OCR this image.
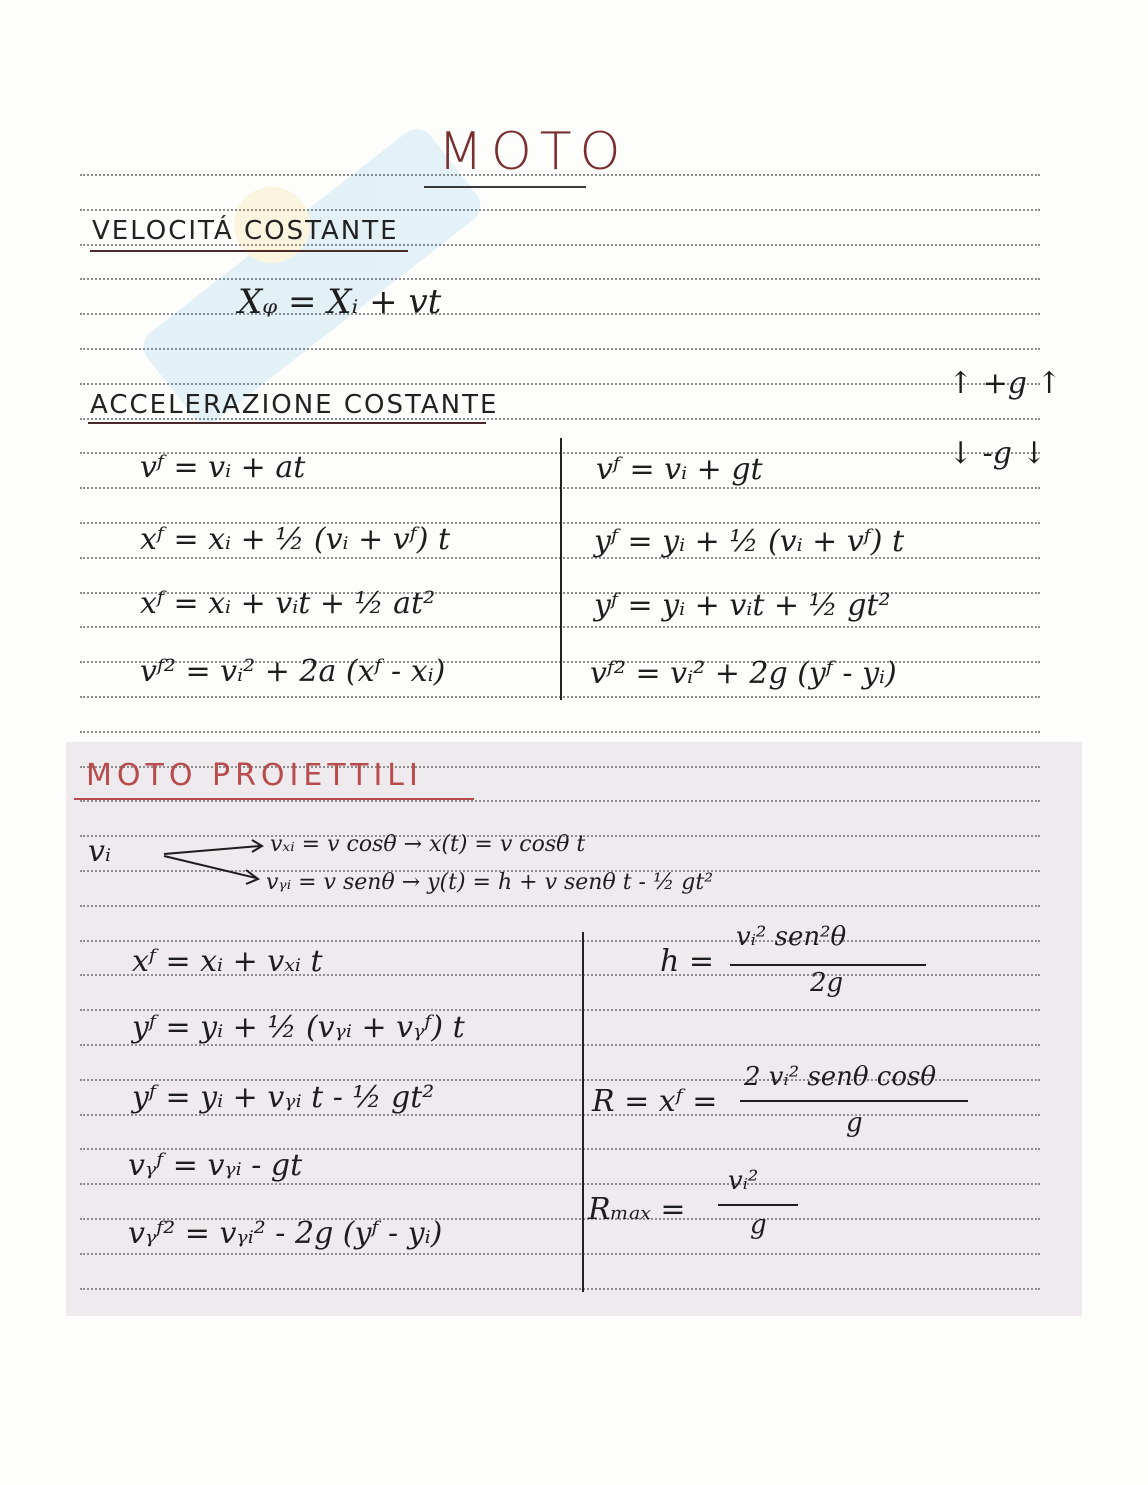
MOTO
VELOCITÁ COSTANTE
Xᵩ = Xᵢ + vt
ACCELERAZIONE COSTANTE
↑ +g ↑
↓ -g ↓
vᶠ = vᵢ + at
xᶠ = xᵢ + ½ (vᵢ + vᶠ) t
xᶠ = xᵢ + vᵢt + ½ at²
vᶠ² = vᵢ² + 2a (xᶠ - xᵢ)
vᶠ = vᵢ + gt
yᶠ = yᵢ + ½ (vᵢ + vᶠ) t
yᶠ = yᵢ + vᵢt + ½ gt²
vᶠ² = vᵢ² + 2g (yᶠ - yᵢ)
MOTO PROIETTILI
vᵢ	vₓᵢ = v cosθ → x(t) = v cosθ t
vᵧᵢ = v senθ → y(t) = h + v senθ t - ½ gt²
xᶠ = xᵢ + vₓᵢ t
yᶠ = yᵢ + ½ (vᵧᵢ + vᵧᶠ) t
yᶠ = yᵢ + vᵧᵢ t - ½ gt²
vᵧᶠ = vᵧᵢ - gt
vᵧᶠ² = vᵧᵢ² - 2g (yᶠ - yᵢ)
h =
vᵢ² sen²θ
2g
R = xᶠ =
2 vᵢ² senθ cosθ
g
Rₘₐₓ =
vᵢ²
g
